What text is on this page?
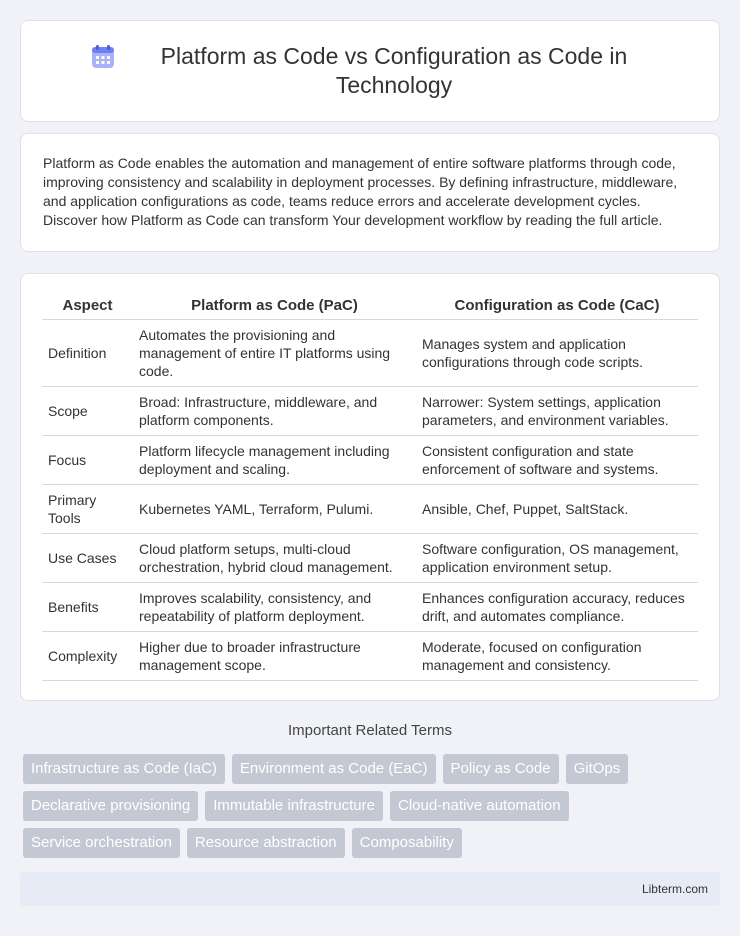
Platform as Code vs Configuration as Code in Technology

Platform as Code enables the automation and management of entire software platforms through code, improving consistency and scalability in deployment processes. By defining infrastructure, middleware, and application configurations as code, teams reduce errors and accelerate development cycles. Discover how Platform as Code can transform Your development workflow by reading the full article.

Aspect	Platform as Code (PaC)	Configuration as Code (CaC)
Definition	Automates the provisioning and management of entire IT platforms using code.	Manages system and application configurations through code scripts.
Scope	Broad: Infrastructure, middleware, and platform components.	Narrower: System settings, application parameters, and environment variables.
Focus	Platform lifecycle management including deployment and scaling.	Consistent configuration and state enforcement of software and systems.
Primary Tools	Kubernetes YAML, Terraform, Pulumi.	Ansible, Chef, Puppet, SaltStack.
Use Cases	Cloud platform setups, multi-cloud orchestration, hybrid cloud management.	Software configuration, OS management, application environment setup.
Benefits	Improves scalability, consistency, and repeatability of platform deployment.	Enhances configuration accuracy, reduces drift, and automates compliance.
Complexity	Higher due to broader infrastructure management scope.	Moderate, focused on configuration management and consistency.
Important Related Terms
Infrastructure as Code (IaC)	Environment as Code (EaC)	Policy as Code	GitOps
Declarative provisioning	Immutable infrastructure	Cloud-native automation
Service orchestration	Resource abstraction	Composability
Libterm.com
